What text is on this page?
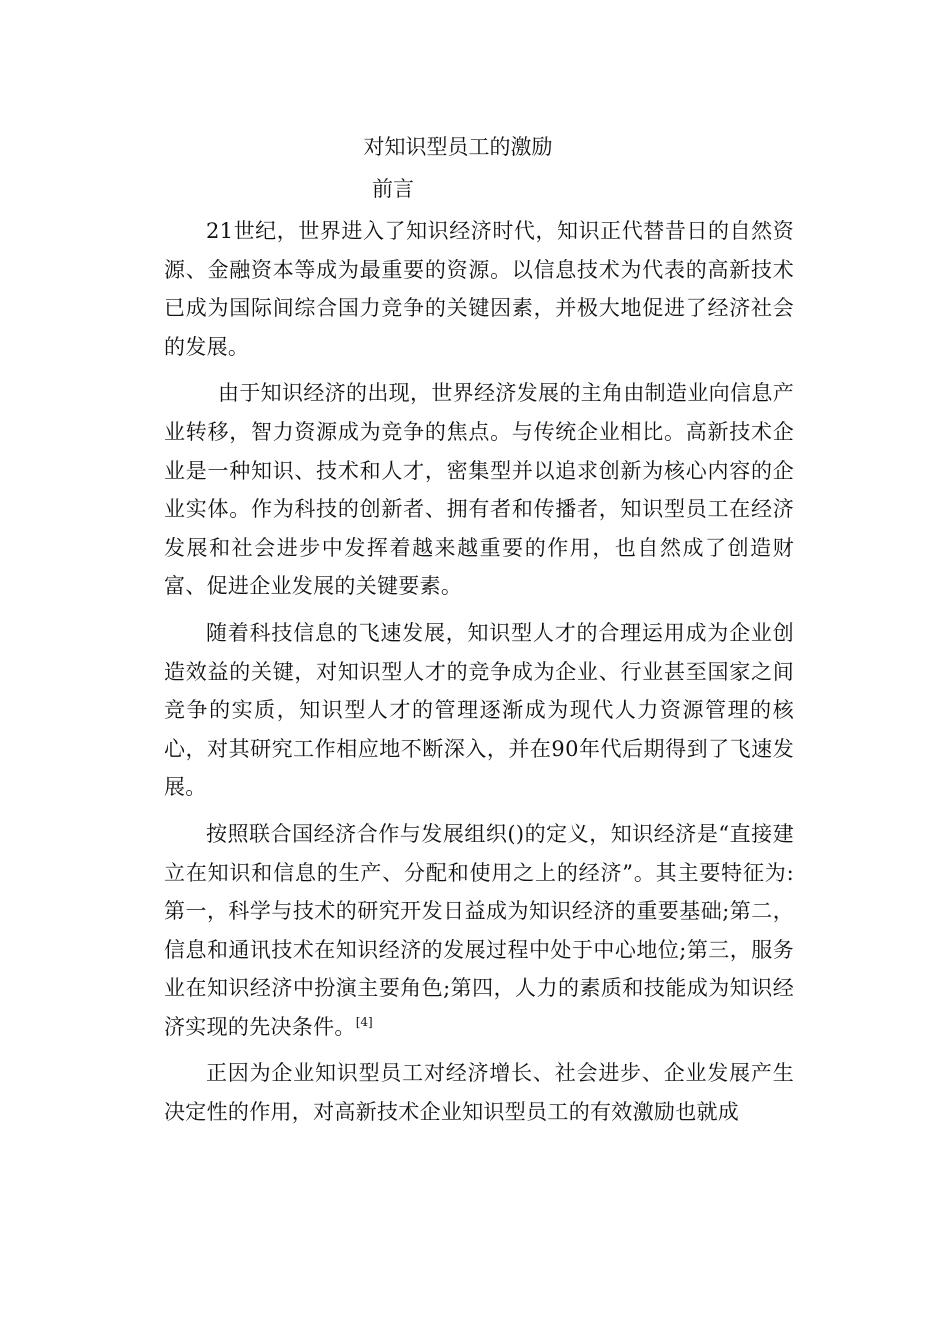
对知识型员工的激励
前言

21世纪，世界进入了知识经济时代，知识正代替昔日的自然资源、金融资本等成为最重要的资源。以信息技术为代表的高新技术已成为国际间综合国力竞争的关键因素，并极大地促进了经济社会的发展。

由于知识经济的出现，世界经济发展的主角由制造业向信息产业转移，智力资源成为竞争的焦点。与传统企业相比。高新技术企业是一种知识、技术和人才，密集型并以追求创新为核心内容的企业实体。作为科技的创新者、拥有者和传播者，知识型员工在经济发展和社会进步中发挥着越来越重要的作用，也自然成了创造财富、促进企业发展的关键要素。

随着科技信息的飞速发展，知识型人才的合理运用成为企业创造效益的关键，对知识型人才的竞争成为企业、行业甚至国家之间竞争的实质，知识型人才的管理逐渐成为现代人力资源管理的核心，对其研究工作相应地不断深入，并在90年代后期得到了飞速发展。

按照联合国经济合作与发展组织()的定义，知识经济是“直接建立在知识和信息的生产、分配和使用之上的经济”。其主要特征为:第一，科学与技术的研究开发日益成为知识经济的重要基础;第二，信息和通讯技术在知识经济的发展过程中处于中心地位;第三，服务业在知识经济中扮演主要角色;第四，人力的素质和技能成为知识经济实现的先决条件。[4]

正因为企业知识型员工对经济增长、社会进步、企业发展产生决定性的作用，对高新技术企业知识型员工的有效激励也就成
